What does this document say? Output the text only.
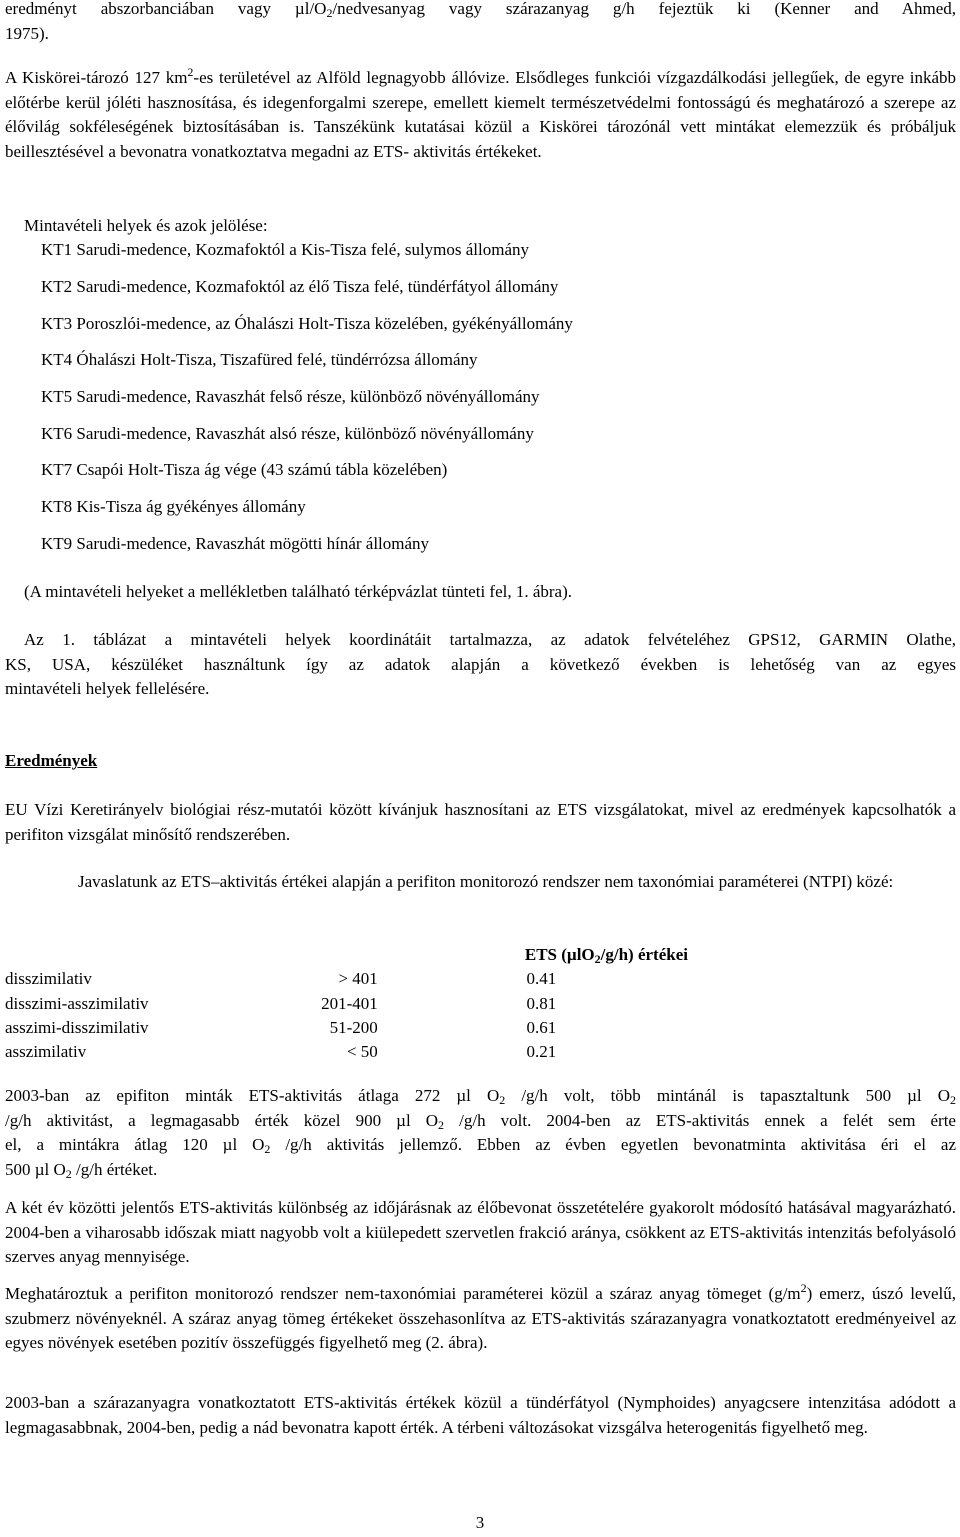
eredményt abszorbanciában vagy $\mu l/O_2$/nedvesanyag vagy szárazanyag g/h fejeztük ki (Kenner and Ahmed,
1975).

A Kiskörei-tározó 127 $km^2-es$ területével az Alföld legnagyobb állóvize. Elsődleges funkciói vízgazdálkodási jellegűek, de egyre inkább előtérbe kerül jóléti hasznosítása, és idegenforgalmi szerepe, emellett kiemelt természetvédelmi fontosságú és meghatározó a szerepe az élővilág sokféleségének biztosításában is. Tanszékünk kutatásai közül a Kiskörei tározónál vett mintákat elemezzük és próbáljuk beillesztésével a bevonatra vonatkoztatva megadni az ETS- aktivitás értékeket.

Mintavételi helyek és azok jelölése:
KT1 Sarudi-medence, Kozmafoktól a Kis-Tisza felé, sulymos állomány
KT2 Sarudi-medence, Kozmafoktól az élő Tisza felé, tündérfátyol állomány
KT3 Poroszlói-medence, az Óhalászi Holt-Tisza közelében, gyékényállomány
KT4 Óhalászi Holt-Tisza, Tiszafüred felé, tündérrózsa állomány
KT5 Sarudi-medence, Ravaszhát felső része, különböző növényállomány
KT6 Sarudi-medence, Ravaszhát alsó része, különböző növényállomány
KT7 Csapói Holt-Tisza ág vége (43 számú tábla közelében)
KT8 Kis-Tisza ág gyékényes állomány
KT9 Sarudi-medence, Ravaszhát mögötti hínár állomány
(A mintavételi helyeket a mellékletben található térképvázlat tünteti fel, 1. ábra).
Az 1. táblázat a mintavételi helyek koordinátáit tartalmazza, az adatok felvételéhez GPS12, GARMIN Olathe,
KS, USA, készüléket használtunk így az adatok alapján a következő években is lehetőség van az egyes
mintavételi helyek fellelésére.
Eredmények

EU Vízi Keretirányelv biológiai rész-mutatói között kívánjuk hasznosítani az ETS vizsgálatokat, mivel az eredmények kapcsolhatók a perifiton vizsgálat minősítő rendszerében.

Javaslatunk az ETS–aktivitás értékei alapján a perifiton monitorozó rendszer nem taxonómiai paraméterei (NTPI) közé:

		ETS (µlO$_2$/g/h) értékei
disszimilativ	> 401	0.41
disszimi-asszimilativ	201-401	0.81
asszimi-disszimilativ	51-200	0.61
asszimilativ	< 50	0.21
2003-ban az epifiton minták ETS-aktivitás átlaga 272 µl $O_2$ /g/h volt, több mintánál is tapasztaltunk 500 µl $O_2$
/g/h aktivitást, a legmagasabb érték közel 900 µl $O_2$ /g/h volt. 2004-ben az ETS-aktivitás ennek a felét sem érte
el, a mintákra átlag 120 µl $O_2$ /g/h aktivitás jellemző. Ebben az évben egyetlen bevonatminta aktivitása éri el az
500 µl $O_2$ /g/h értéket.

A két év közötti jelentős ETS-aktivitás különbség az időjárásnak az élőbevonat összetételére gyakorolt módosító hatásával magyarázható. 2004-ben a viharosabb időszak miatt nagyobb volt a kiülepedett szervetlen frakció aránya, csökkent az ETS-aktivitás intenzitás befolyásoló szerves anyag mennyisége.

Meghatároztuk a perifiton monitorozó rendszer nem-taxonómiai paraméterei közül a száraz anyag tömeget $(g/m^2)$ emerz, úszó levelű, szubmerz növényeknél. A száraz anyag tömeg értékeket összehasonlítva az ETS-aktivitás szárazanyagra vonatkoztatott eredményeivel az egyes növények esetében pozitív összefüggés figyelhető meg (2. ábra).

2003-ban a szárazanyagra vonatkoztatott ETS-aktivitás értékek közül a tündérfátyol (Nymphoides) anyagcsere intenzitása adódott a legmagasabbnak, 2004-ben, pedig a nád bevonatra kapott érték. A térbeni változásokat vizsgálva heterogenitás figyelhető meg.

3
